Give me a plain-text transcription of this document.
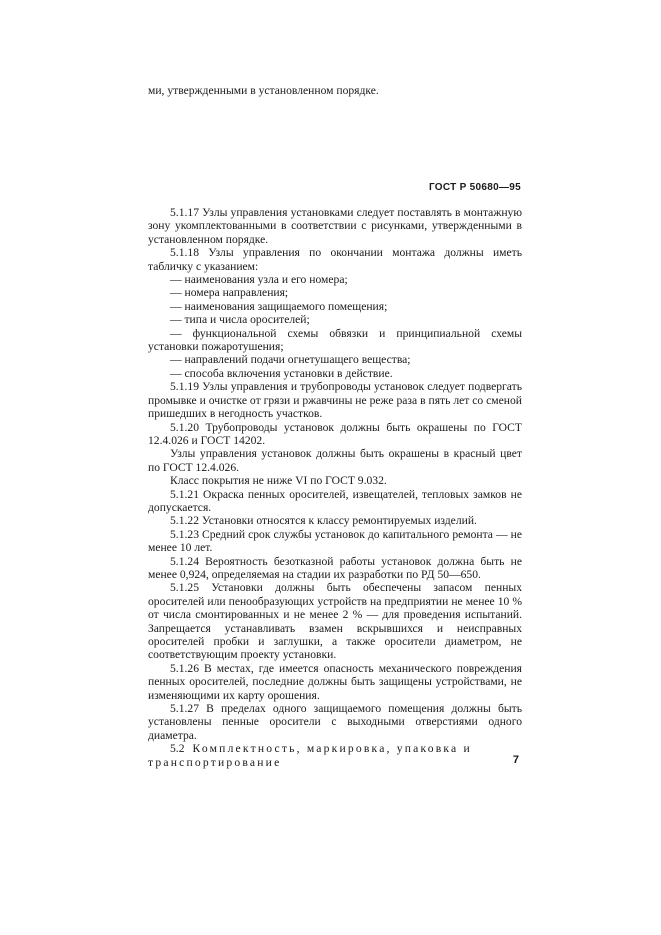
ми, утвержденными в установленном порядке.

ГОСТ Р 50680—95

5.1.17 Узлы управления установками следует поставлять в монтажную зону укомплектованными в соответствии с рисунками, утвержденными в установленном порядке.

5.1.18 Узлы управления по окончании монтажа должны иметь табличку с указанием:

— наименования узла и его номера;

— номера направления;

— наименования защищаемого помещения;

— типа и числа оросителей;

— функциональной схемы обвязки и принципиальной схемы установки пожаротушения;

— направлений подачи огнетушащего вещества;

— способа включения установки в действие.

5.1.19 Узлы управления и трубопроводы установок следует подвергать промывке и очистке от грязи и ржавчины не реже раза в пять лет со сменой пришедших в негодность участков.

5.1.20 Трубопроводы установок должны быть окрашены по ГОСТ 12.4.026 и ГОСТ 14202.

Узлы управления установок должны быть окрашены в красный цвет по ГОСТ 12.4.026.

Класс покрытия не ниже VI по ГОСТ 9.032.

5.1.21 Окраска пенных оросителей, извещателей, тепловых замков не допускается.

5.1.22 Установки относятся к классу ремонтируемых изделий.

5.1.23 Средний срок службы установок до капитального ремонта — не менее 10 лет.

5.1.24 Вероятность безотказной работы установок должна быть не менее 0,924, определяемая на стадии их разработки по РД 50—650.

5.1.25 Установки должны быть обеспечены запасом пенных оросителей или пенообразующих устройств на предприятии не менее 10 % от числа смонтированных и не менее 2 % — для проведения испытаний. Запрещается устанавливать взамен вскрывшихся и неисправных оросителей пробки и заглушки, а также оросители диаметром, не соответствующим проекту установки.

5.1.26 В местах, где имеется опасность механического повреждения пенных оросителей, последние должны быть защищены устройствами, не изменяющими их карту орошения.

5.1.27 В пределах одного защищаемого помещения должны быть установлены пенные оросители с выходными отверстиями одного диаметра.

5.2 Комплектность, маркировка, упаковка и транспортирование	7
